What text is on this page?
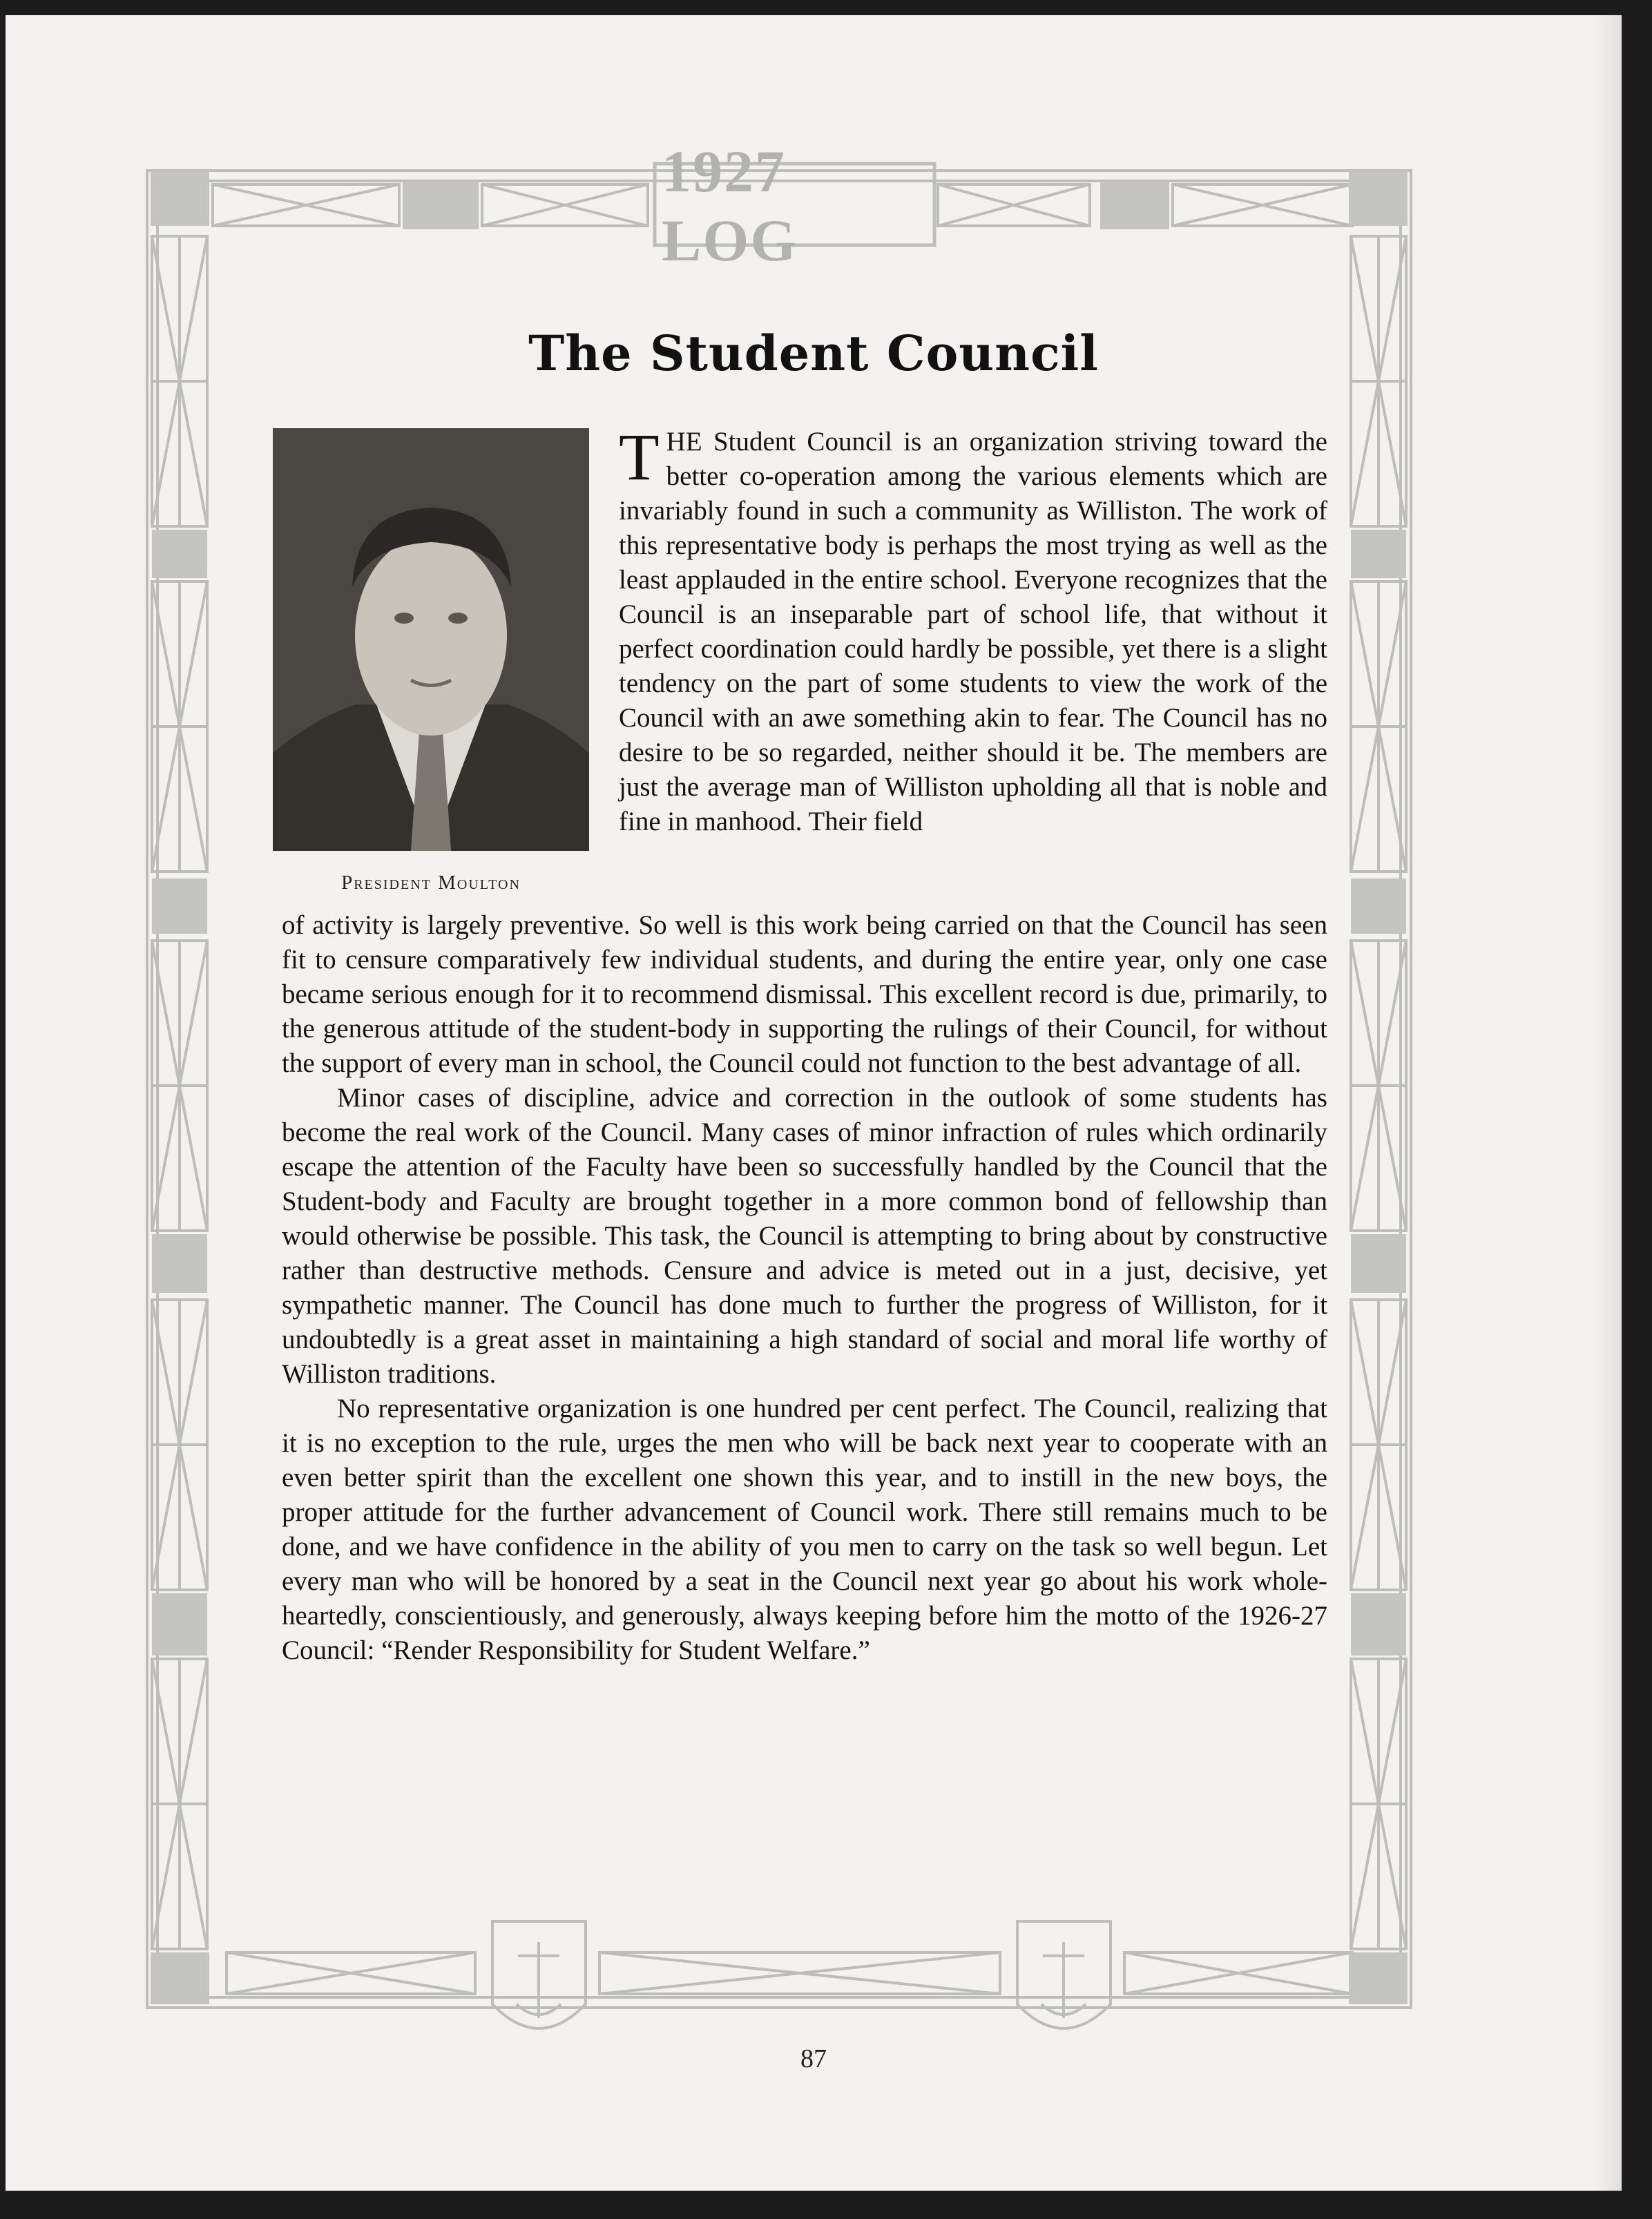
1927 LOG
The Student Council
President Moulton

THE Student Council is an organization striving toward the better co-operation among the various elements which are invariably found in such a community as Williston. The work of this representative body is perhaps the most trying as well as the least applauded in the entire school. Everyone recognizes that the Council is an inseparable part of school life, that without it perfect coordination could hardly be possible, yet there is a slight tendency on the part of some students to view the work of the Council with an awe something akin to fear. The Council has no desire to be so regarded, neither should it be. The members are just the average man of Williston upholding all that is noble and fine in manhood. Their field

of activity is largely preventive. So well is this work being carried on that the Council has seen fit to censure comparatively few individual students, and during the entire year, only one case became serious enough for it to recommend dismissal. This excellent record is due, primarily, to the generous attitude of the student-body in supporting the rulings of their Council, for without the support of every man in school, the Council could not function to the best advantage of all.

Minor cases of discipline, advice and correction in the outlook of some students has become the real work of the Council. Many cases of minor infraction of rules which ordinarily escape the attention of the Faculty have been so successfully handled by the Council that the Student-body and Faculty are brought together in a more common bond of fellowship than would otherwise be possible. This task, the Council is attempting to bring about by constructive rather than destructive methods. Censure and advice is meted out in a just, decisive, yet sympathetic manner. The Council has done much to further the progress of Williston, for it undoubtedly is a great asset in maintaining a high standard of social and moral life worthy of Williston traditions.

No representative organization is one hundred per cent perfect. The Council, realizing that it is no exception to the rule, urges the men who will be back next year to cooperate with an even better spirit than the excellent one shown this year, and to instill in the new boys, the proper attitude for the further advancement of Council work. There still remains much to be done, and we have confidence in the ability of you men to carry on the task so well begun. Let every man who will be honored by a seat in the Council next year go about his work whole-heartedly, conscientiously, and generously, always keeping before him the motto of the 1926-27 Council: “Render Responsibility for Student Welfare.”

87
